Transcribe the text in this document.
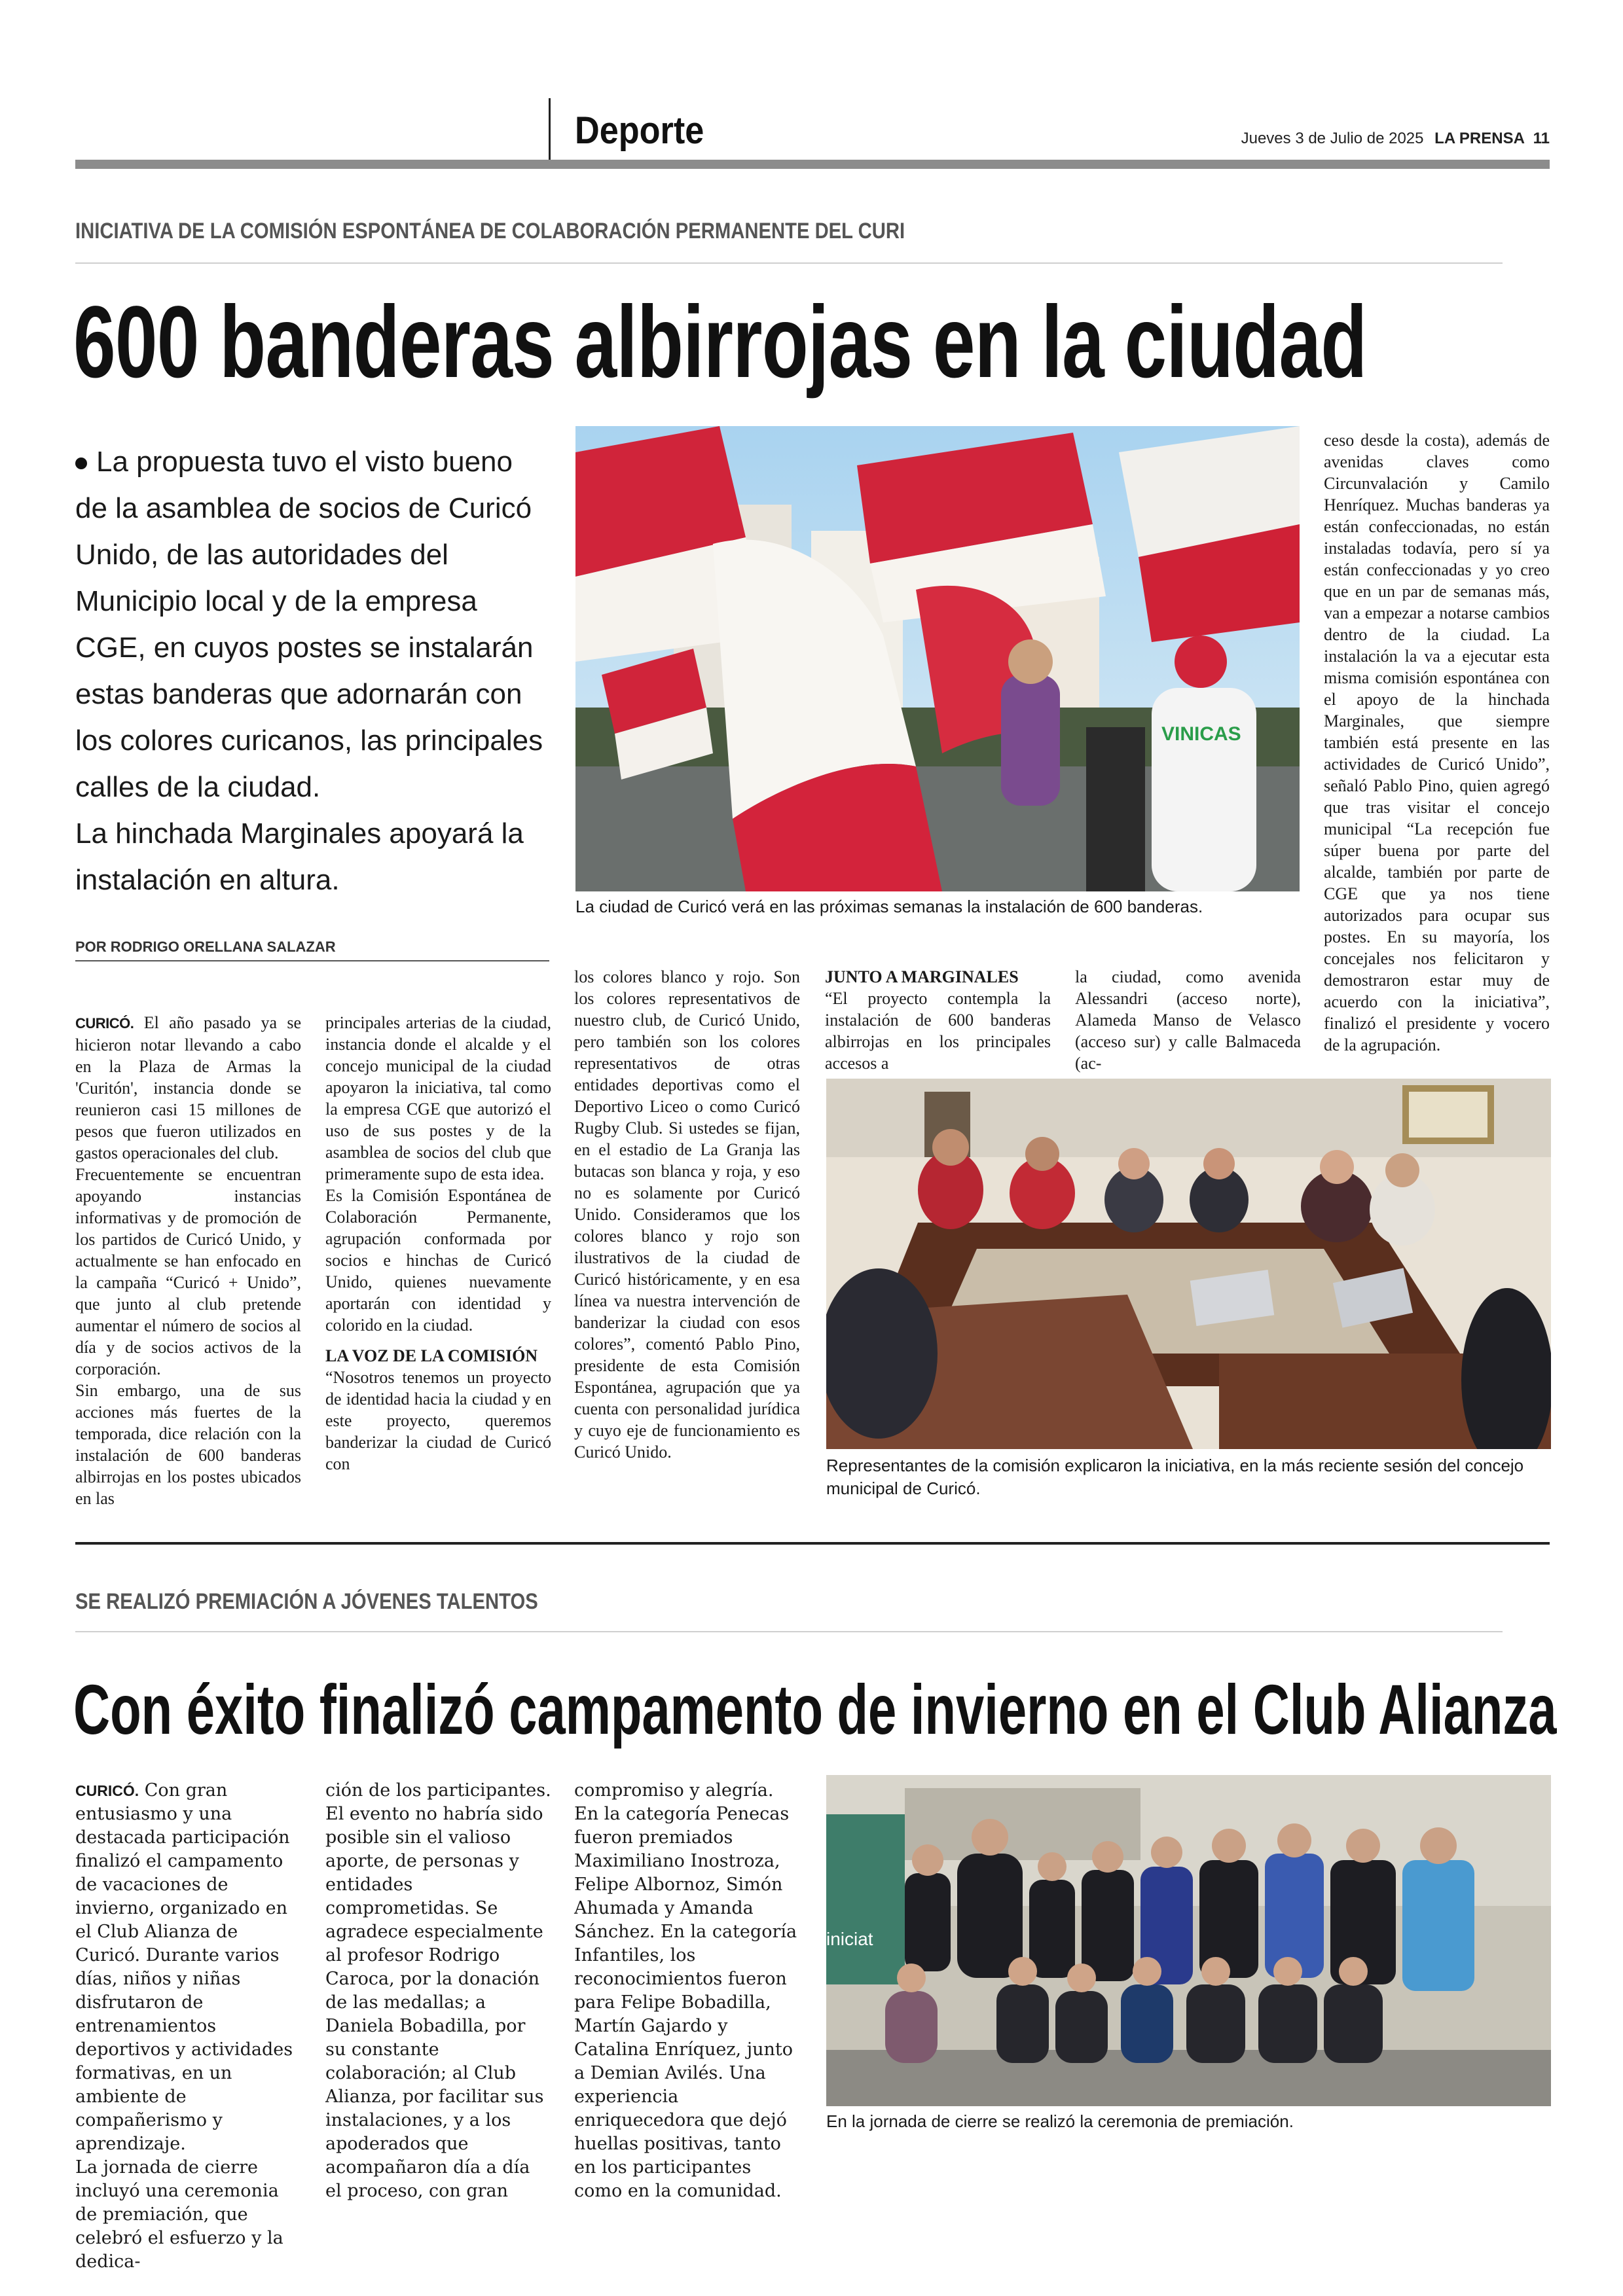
Deporte	Jueves 3 de Julio de 2025 LA PRENSA 11
INICIATIVA DE LA COMISIÓN ESPONTÁNEA DE COLABORACIÓN PERMANENTE DEL CURI
600 banderas albirrojas en la ciudad

La propuesta tuvo el visto bueno de la asamblea de socios de Curicó Unido, de las autoridades del Municipio local y de la empresa CGE, en cuyos postes se instalarán estas banderas que adornarán con los colores curicanos, las principales calles de la ciudad.

La hinchada Marginales apoyará la instalación en altura.

POR RODRIGO ORELLANA SALAZAR

CURICÓ. El año pasado ya se hicieron notar llevando a cabo en la Plaza de Armas la 'Curitón', instancia donde se reunieron casi 15 millones de pesos que fueron utilizados en gastos operacionales del club.

Frecuentemente se encuentran apoyando instancias informativas y de promoción de los partidos de Curicó Unido, y actualmente se han enfocado en la campaña “Curicó + Unido”, que junto al club pretende aumentar el número de socios al día y de socios activos de la corporación.

Sin embargo, una de sus acciones más fuertes de la temporada, dice relación con la instalación de 600 banderas albirrojas en los postes ubicados en las

principales arterias de la ciudad, instancia donde el alcalde y el concejo municipal de la ciudad apoyaron la iniciativa, tal como la empresa CGE que autorizó el uso de sus postes y de la asamblea de socios del club que primeramente supo de esta idea.

Es la Comisión Espontánea de Colaboración Permanente, agrupación conformada por socios e hinchas de Curicó Unido, quienes nuevamente aportarán con identidad y colorido en la ciudad.

LA VOZ DE LA COMISIÓN

“Nosotros tenemos un proyecto de identidad hacia la ciudad y en este proyecto, queremos banderizar la ciudad de Curicó con

los colores blanco y rojo. Son los colores representativos de nuestro club, de Curicó Unido, pero también son los colores representativos de otras entidades deportivas como el Deportivo Liceo o como Curicó Rugby Club. Si ustedes se fijan, en el estadio de La Granja las butacas son blanca y roja, y eso no es solamente por Curicó Unido. Consideramos que los colores blanco y rojo son ilustrativos de la ciudad de Curicó históricamente, y en esa línea va nuestra intervención de banderizar la ciudad con esos colores”, comentó Pablo Pino, presidente de esta Comisión Espontánea, agrupación que ya cuenta con personalidad jurídica y cuyo eje de funcionamiento es Curicó Unido.

JUNTO A MARGINALES

“El proyecto contempla la instalación de 600 banderas albirrojas en los principales accesos a

la ciudad, como avenida Alessandri (acceso norte), Alameda Manso de Velasco (acceso sur) y calle Balmaceda (ac-

ceso desde la costa), además de avenidas claves como Circunvalación y Camilo Henríquez. Muchas banderas ya están confeccionadas, no están instaladas todavía, pero sí ya están confeccionadas y yo creo que en un par de semanas más, van a empezar a notarse cambios dentro de la ciudad. La instalación la va a ejecutar esta misma comisión espontánea con el apoyo de la hinchada Marginales, que siempre también está presente en las actividades de Curicó Unido”, señaló Pablo Pino, quien agregó que tras visitar el concejo municipal “La recepción fue súper buena por parte del alcalde, también por parte de CGE que ya nos tiene autorizados para ocupar sus postes. En su mayoría, los concejales nos felicitaron y demostraron estar muy de acuerdo con la iniciativa”, finalizó el presidente y vocero de la agrupación.

VINICAS
La ciudad de Curicó verá en las próximas semanas la instalación de 600 banderas.
Representantes de la comisión explicaron la iniciativa, en la más reciente sesión del concejo municipal de Curicó.
SE REALIZÓ PREMIACIÓN A JÓVENES TALENTOS
Con éxito finalizó campamento de invierno en el Club Alianza

CURICÓ. Con gran entusiasmo y una destacada participación finalizó el campamento de vacaciones de invierno, organizado en el Club Alianza de Curicó. Durante varios días, niños y niñas disfrutaron de entrenamientos deportivos y actividades formativas, en un ambiente de compañerismo y aprendizaje.

La jornada de cierre incluyó una ceremonia de premiación, que celebró el esfuerzo y la dedica-

ción de los participantes.

El evento no habría sido posible sin el valioso aporte, de personas y entidades comprometidas. Se agradece especialmente al profesor Rodrigo Caroca, por la donación de las medallas; a Daniela Bobadilla, por su constante colaboración; al Club Alianza, por facilitar sus instalaciones, y a los apoderados que acompañaron día a día el proceso, con gran

compromiso y alegría.

En la categoría Penecas fueron premiados Maximiliano Inostroza, Felipe Albornoz, Simón Ahumada y Amanda Sánchez. En la categoría Infantiles, los reconocimientos fueron para Felipe Bobadilla, Martín Gajardo y Catalina Enríquez, junto a Demian Avilés. Una experiencia enriquecedora que dejó huellas positivas, tanto en los participantes como en la comunidad.

iniciat
En la jornada de cierre se realizó la ceremonia de premiación.
